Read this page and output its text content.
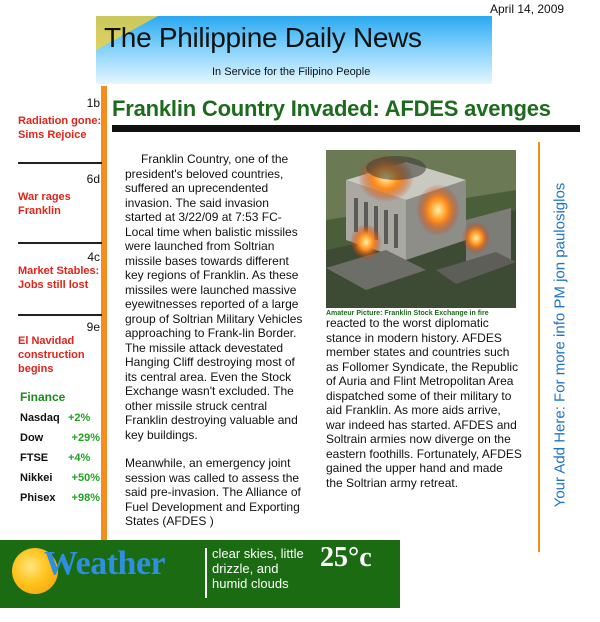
April 14, 2009
The Philippine Daily News
In Service for the Filipino People
Franklin Country Invaded: AFDES avenges
1b
Radiation gone: Sims Rejoice
6d
War rages Franklin
4c
Market Stables: Jobs still lost
9e
El Navidad construction begins
Finance
Nasdaq +2%
Dow	+29%
FTSE +4%
Nikkei +50%
Phisex +98%

Franklin Country, one of the president's beloved countries, suffered an uprecendented invasion. The said invasion started at 3/22/09 at 7:53 FC-Local time when balistic missiles were launched from Soltrian missile bases towards different key regions of Franklin. As these missiles were launched massive eyewitnesses reported of a large group of Soltrian Military Vehicles approaching to Frank-lin Border. The missile attack devestated Hanging Cliff destroying most of its central area. Even the Stock Exchange wasn't excluded. The other missile struck central Franklin destroying valuable and key buildings.

Meanwhile, an emergency joint session was called to assess the said pre-invasion. The Alliance of Fuel Development and Exporting States (AFDES )

Amateur Picture: Franklin Stock Exchange in fire

reacted to the worst diplomatic stance in modern history. AFDES member states and countries such as Follomer Syndicate, the Republic of Auria and Flint Metropolitan Area dispatched some of their military to aid Franklin. As more aids arrive, war indeed has started. AFDES and Soltrain armies now diverge on the eastern foothills. Fortunately, AFDES gained the upper hand and made the Soltrian army retreat.	Your Add Here: For more info PM jon paulosiglos
Weather	clear skies, little drizzle, and humid clouds
25°c
